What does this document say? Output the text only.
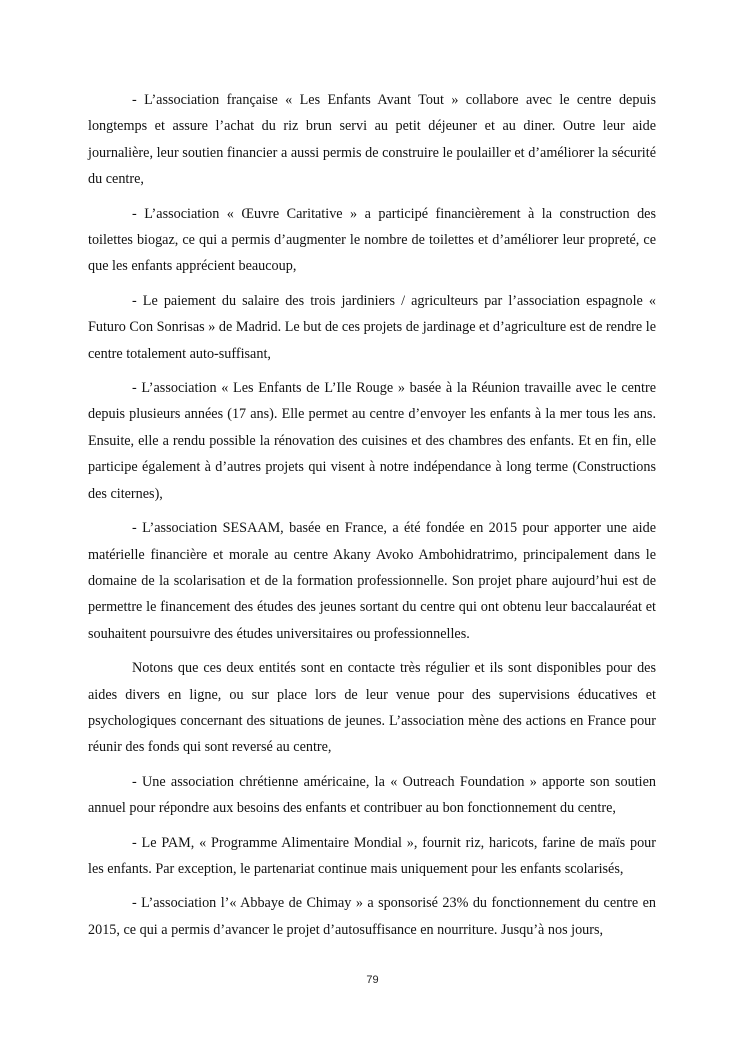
- L’association française « Les Enfants Avant Tout » collabore avec le centre depuis longtemps et assure l’achat du riz brun servi au petit déjeuner et au diner. Outre leur aide journalière, leur soutien financier a aussi permis de construire le poulailler et d’améliorer la sécurité du centre,

- L’association « Œuvre Caritative » a participé financièrement à la construction des toilettes biogaz, ce qui a permis d’augmenter le nombre de toilettes et d’améliorer leur propreté, ce que les enfants apprécient beaucoup,

- Le paiement du salaire des trois jardiniers / agriculteurs par l’association espagnole « Futuro Con Sonrisas » de Madrid. Le but de ces projets de jardinage et d’agriculture est de rendre le centre totalement auto-suffisant,

- L’association « Les Enfants de L’Ile Rouge » basée à la Réunion travaille avec le centre depuis plusieurs années (17 ans). Elle permet au centre d’envoyer les enfants à la mer tous les ans. Ensuite, elle a rendu possible la rénovation des cuisines et des chambres des enfants. Et en fin, elle participe également à d’autres projets qui visent à notre indépendance à long terme (Constructions des citernes),

- L’association SESAAM, basée en France, a été fondée en 2015 pour apporter une aide matérielle financière et morale au centre Akany Avoko Ambohidratrimo, principalement dans le domaine de la scolarisation et de la formation professionnelle. Son projet phare aujourd’hui est de permettre le financement des études des jeunes sortant du centre qui ont obtenu leur baccalauréat et souhaitent poursuivre des études universitaires ou professionnelles.

Notons que ces deux entités sont en contacte très régulier et ils sont disponibles pour des aides divers en ligne, ou sur place lors de leur venue pour des supervisions éducatives et psychologiques concernant des situations de jeunes. L’association mène des actions en France pour réunir des fonds qui sont reversé au centre,

- Une association chrétienne américaine, la « Outreach Foundation » apporte son soutien annuel pour répondre aux besoins des enfants et contribuer au bon fonctionnement du centre,

- Le PAM, « Programme Alimentaire Mondial », fournit riz, haricots, farine de maïs pour les enfants. Par exception, le partenariat continue mais uniquement pour les enfants scolarisés,

- L’association l’« Abbaye de Chimay » a sponsorisé 23% du fonctionnement du centre en 2015, ce qui a permis d’avancer le projet d’autosuffisance en nourriture. Jusqu’à nos jours,

79
